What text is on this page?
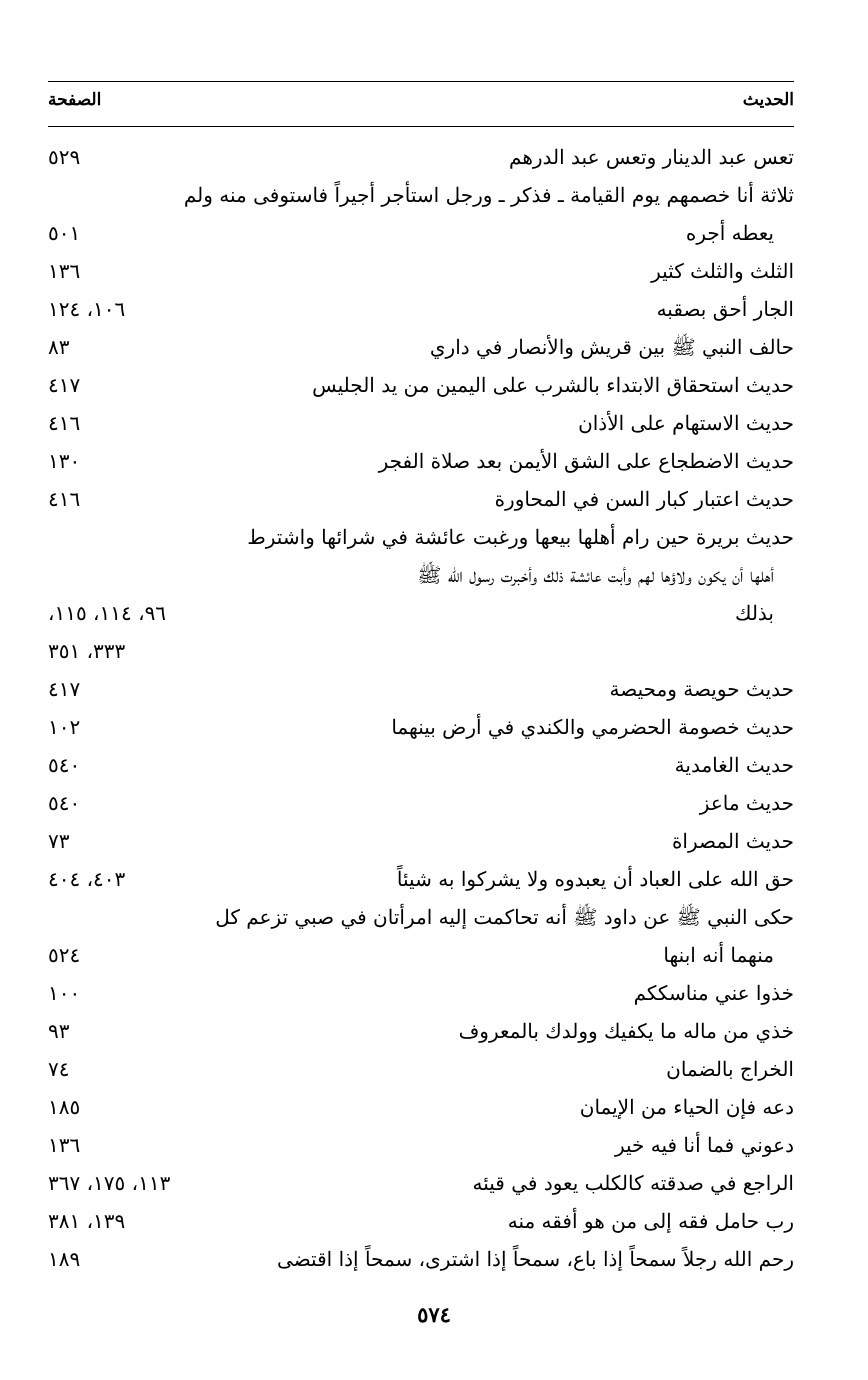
الحديث
الصفحة
تعس عبد الدينار وتعس عبد الدرهم
٥٢٩
ثلاثة أنا خصمهم يوم القيامة ـ فذكر ـ ورجل استأجر أجيراً فاستوفى منه ولم
يعطه أجره
٥٠١
الثلث والثلث كثير
١٣٦
الجار أحق بصقبه
١٠٦، ١٢٤
حالف النبي ﷺ بين قريش والأنصار في داري
٨٣
حديث استحقاق الابتداء بالشرب على اليمين من يد الجليس
٤١٧
حديث الاستهام على الأذان
٤١٦
حديث الاضطجاع على الشق الأيمن بعد صلاة الفجر
١٣٠
حديث اعتبار كبار السن في المحاورة
٤١٦
حديث بريرة حين رام أهلها بيعها ورغبت عائشة في شرائها واشترط
أهلها أن يكون ولاؤها لهم وأبت عائشة ذلك وأخبرت رسول الله ﷺ
بذلك
٩٦، ١١٤، ١١٥،
٣٣٣، ٣٥١
حديث حويصة ومحيصة
٤١٧
حديث خصومة الحضرمي والكندي في أرض بينهما
١٠٢
حديث الغامدية
٥٤٠
حديث ماعز
٥٤٠
حديث المصراة
٧٣
حق الله على العباد أن يعبدوه ولا يشركوا به شيئاً
٤٠٣، ٤٠٤
حكى النبي ﷺ عن داود ﷺ أنه تحاكمت إليه امرأتان في صبي تزعم كل
منهما أنه ابنها
٥٢٤
خذوا عني مناسككم
١٠٠
خذي من ماله ما يكفيك وولدك بالمعروف
٩٣
الخراج بالضمان
٧٤
دعه فإن الحياء من الإيمان
١٨٥
دعوني فما أنا فيه خير
١٣٦
الراجع في صدقته كالكلب يعود في قيئه
١١٣، ١٧٥، ٣٦٧
رب حامل فقه إلى من هو أفقه منه
١٣٩، ٣٨١
رحم الله رجلاً سمحاً إذا باع، سمحاً إذا اشترى، سمحاً إذا اقتضى
١٨٩
٥٧٤
